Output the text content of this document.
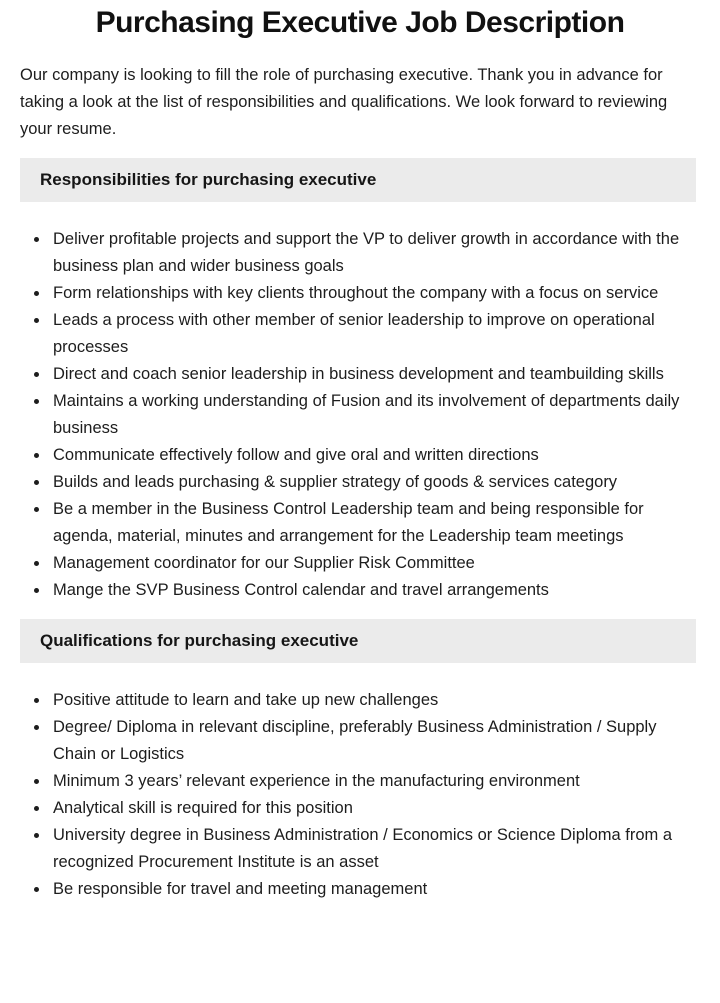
Purchasing Executive Job Description

Our company is looking to fill the role of purchasing executive. Thank you in advance for taking a look at the list of responsibilities and qualifications. We look forward to reviewing your resume.

Responsibilities for purchasing executive
• Deliver profitable projects and support the VP to deliver growth in accordance with the business plan and wider business goals
• Form relationships with key clients throughout the company with a focus on service
• Leads a process with other member of senior leadership to improve on operational processes
• Direct and coach senior leadership in business development and teambuilding skills
• Maintains a working understanding of Fusion and its involvement of departments daily business
• Communicate effectively follow and give oral and written directions
• Builds and leads purchasing & supplier strategy of goods & services category
• Be a member in the Business Control Leadership team and being responsible for agenda, material, minutes and arrangement for the Leadership team meetings
• Management coordinator for our Supplier Risk Committee
• Mange the SVP Business Control calendar and travel arrangements
Qualifications for purchasing executive
• Positive attitude to learn and take up new challenges
• Degree/ Diploma in relevant discipline, preferably Business Administration / Supply Chain or Logistics
• Minimum 3 years’ relevant experience in the manufacturing environment
• Analytical skill is required for this position
• University degree in Business Administration / Economics or Science Diploma from a recognized Procurement Institute is an asset
• Be responsible for travel and meeting management
